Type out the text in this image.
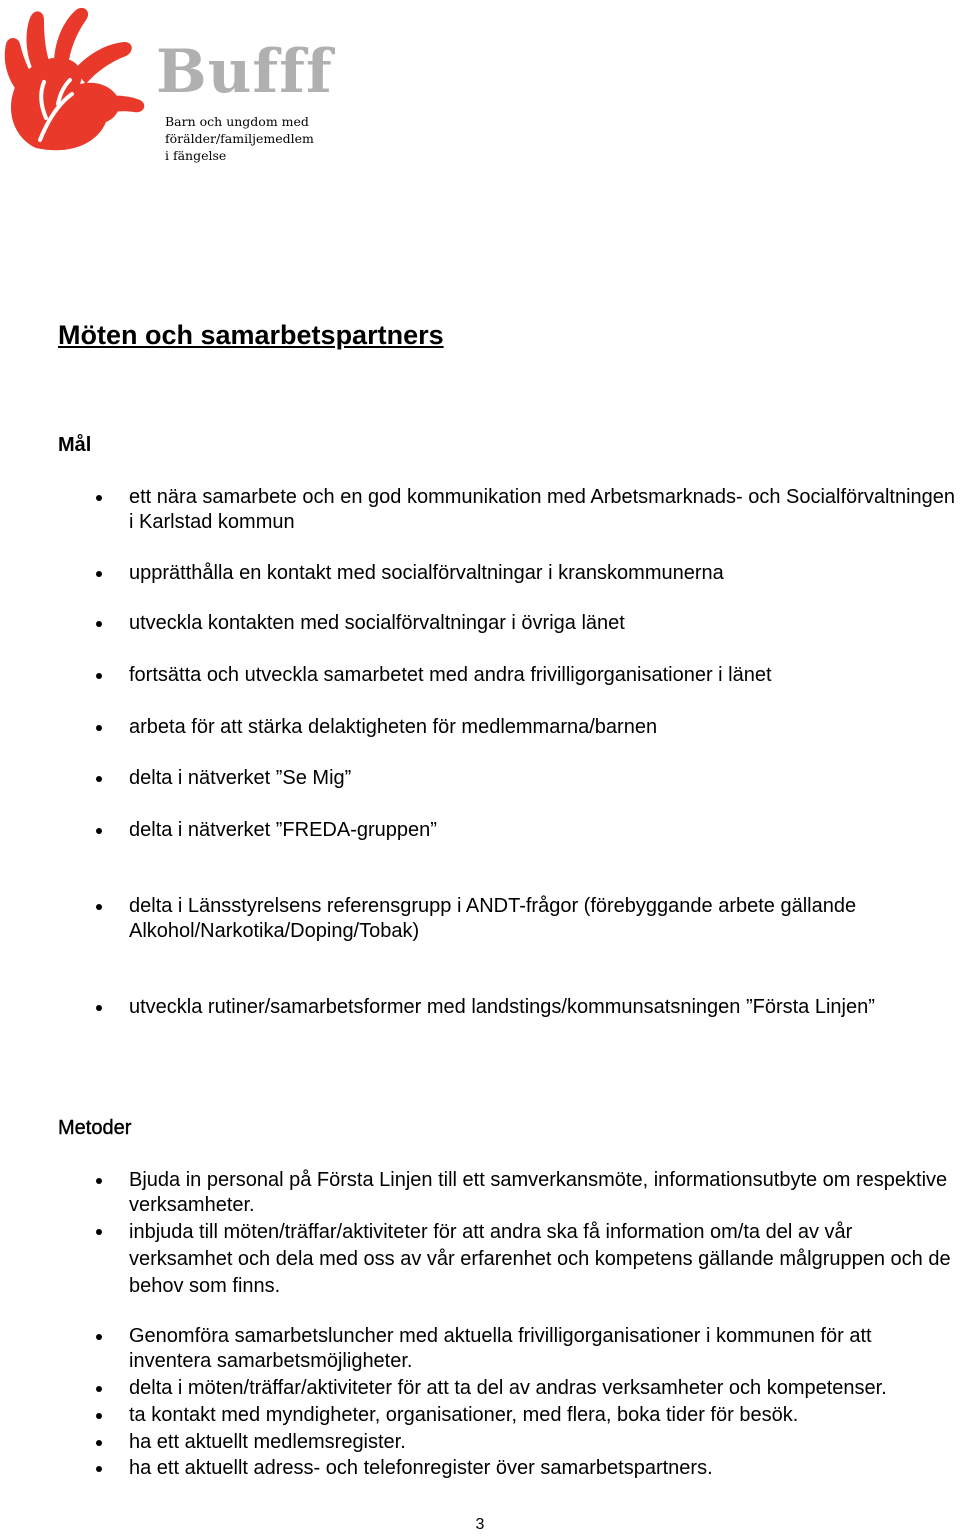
Bufff
Barn och ungdom med
förälder/familjemedlem
i fängelse
Möten och samarbetspartners
Mål
ett nära samarbete och en god kommunikation med Arbetsmarknads- och Socialförvaltningen i Karlstad kommun
upprätthålla en kontakt med socialförvaltningar i kranskommunerna
utveckla kontakten med socialförvaltningar i övriga länet
fortsätta och utveckla samarbetet med andra frivilligorganisationer i länet
arbeta för att stärka delaktigheten för medlemmarna/barnen
delta i nätverket ”Se Mig”
delta i nätverket ”FREDA-gruppen”
delta i Länsstyrelsens referensgrupp i ANDT-frågor (förebyggande arbete gällande Alkohol/Narkotika/Doping/Tobak)
utveckla rutiner/samarbetsformer med landstings/kommunsatsningen ”Första Linjen”
Metoder
Bjuda in personal på Första Linjen till ett samverkansmöte, informationsutbyte om respektive verksamheter.
inbjuda till möten/träffar/aktiviteter för att andra ska få information om/ta del av vår verksamhet och dela med oss av vår erfarenhet och kompetens gällande målgruppen och de behov som finns.
Genomföra samarbetsluncher med aktuella frivilligorganisationer i kommunen för att inventera samarbetsmöjligheter.
delta i möten/träffar/aktiviteter för att ta del av andras verksamheter och kompetenser.
ta kontakt med myndigheter, organisationer, med flera, boka tider för besök.
ha ett aktuellt medlemsregister.
ha ett aktuellt adress- och telefonregister över samarbetspartners.
3
